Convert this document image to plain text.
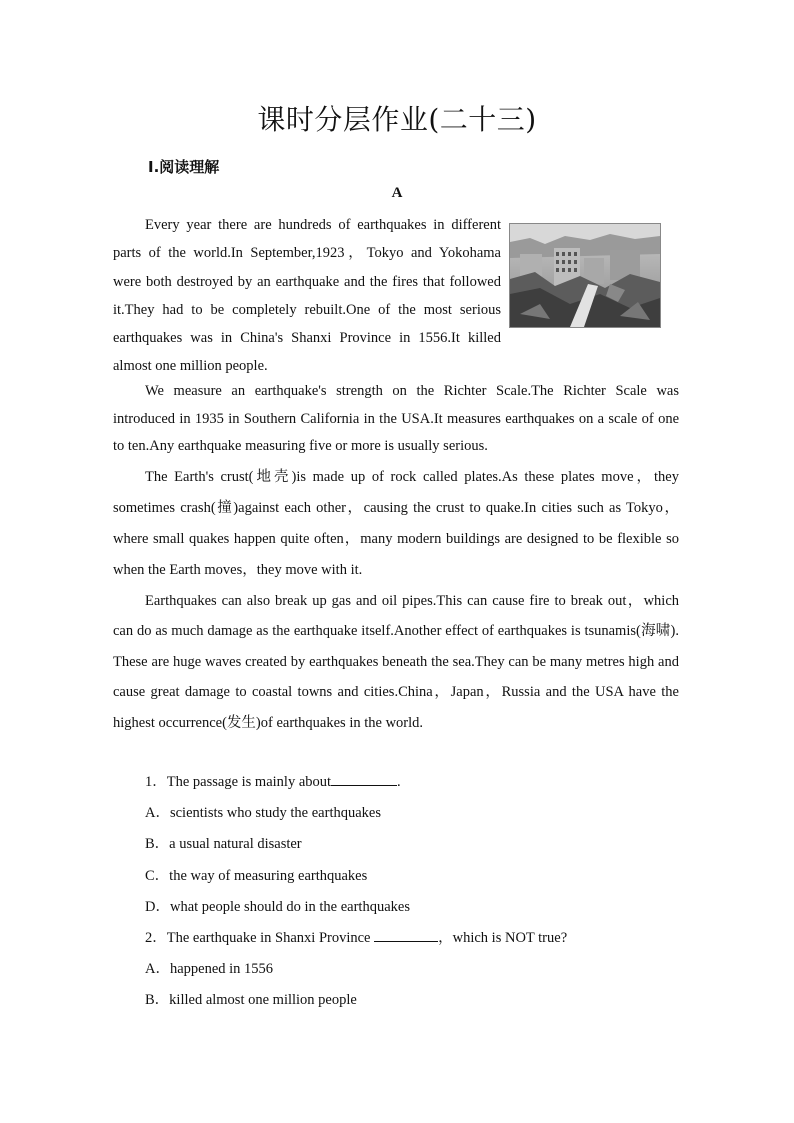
课时分层作业(二十三)
Ⅰ.阅读理解
A

Every year there are hundreds of earthquakes in different parts of the world.In September,1923，Tokyo and Yokohama were both destroyed by an earthquake and the fires that followed it.They had to be completely rebuilt.One of the most serious earthquakes was in China's Shanxi Province in 1556.It killed almost one million people.

We measure an earthquake's strength on the Richter Scale.The Richter Scale was introduced in 1935 in Southern California in the USA.It measures earthquakes on a scale of one to ten.Any earthquake measuring five or more is usually serious.

The Earth's crust(地壳)is made up of rock called plates.As these plates move，they sometimes crash(撞)against each other，causing the crust to quake.In cities such as Tokyo，where small quakes happen quite often，many modern buildings are designed to be flexible so when the Earth moves，they move with it.

Earthquakes can also break up gas and oil pipes.This can cause fire to break out，which can do as much damage as the earthquake itself.Another effect of earthquakes is tsunamis(海啸). These are huge waves created by earthquakes beneath the sea.They can be many metres high and cause great damage to coastal towns and cities.China，Japan，Russia and the USA have the highest occurrence(发生)of earthquakes in the world.

1．The passage is mainly about	.

A．scientists who study the earthquakes

B．a usual natural disaster

C．the way of measuring earthquakes

D．what people should do in the earthquakes

2．The earthquake in Shanxi Province	，which is NOT true?

A．happened in 1556

B．killed almost one million people
